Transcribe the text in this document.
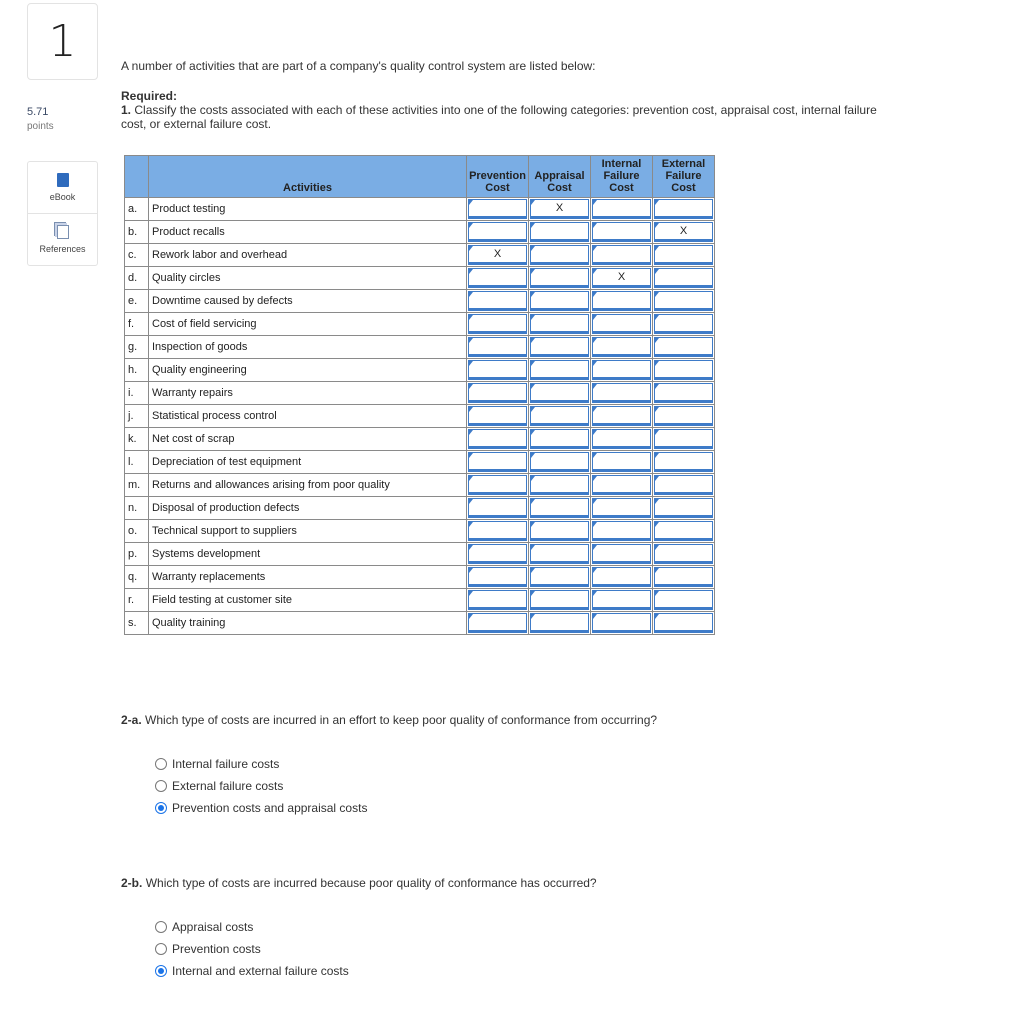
1
5.71
points
eBook
References
A number of activities that are part of a company's quality control system are listed below:
Required:
1. Classify the costs associated with each of these activities into one of the following categories: prevention cost, appraisal cost, internal failure cost, or external failure cost.
	Activities	Prevention Cost	Appraisal Cost	Internal Failure Cost	External Failure Cost
a.	Product testing		X		

b.	Product recalls				X

c.	Rework labor and overhead	X			

d.	Quality circles			X	

e.	Downtime caused by defects	

f.	Cost of field servicing	

g.	Inspection of goods	

h.	Quality engineering	

i.	Warranty repairs	

j.	Statistical process control	

k.	Net cost of scrap	

l.	Depreciation of test equipment	

m.	Returns and allowances arising from poor quality	

n.	Disposal of production defects	

o.	Technical support to suppliers	

p.	Systems development	

q.	Warranty replacements	

r.	Field testing at customer site	

s.	Quality training	

2-a. Which type of costs are incurred in an effort to keep poor quality of conformance from occurring?
Internal failure costs
External failure costs
Prevention costs and appraisal costs
2-b. Which type of costs are incurred because poor quality of conformance has occurred?
Appraisal costs
Prevention costs
Internal and external failure costs
